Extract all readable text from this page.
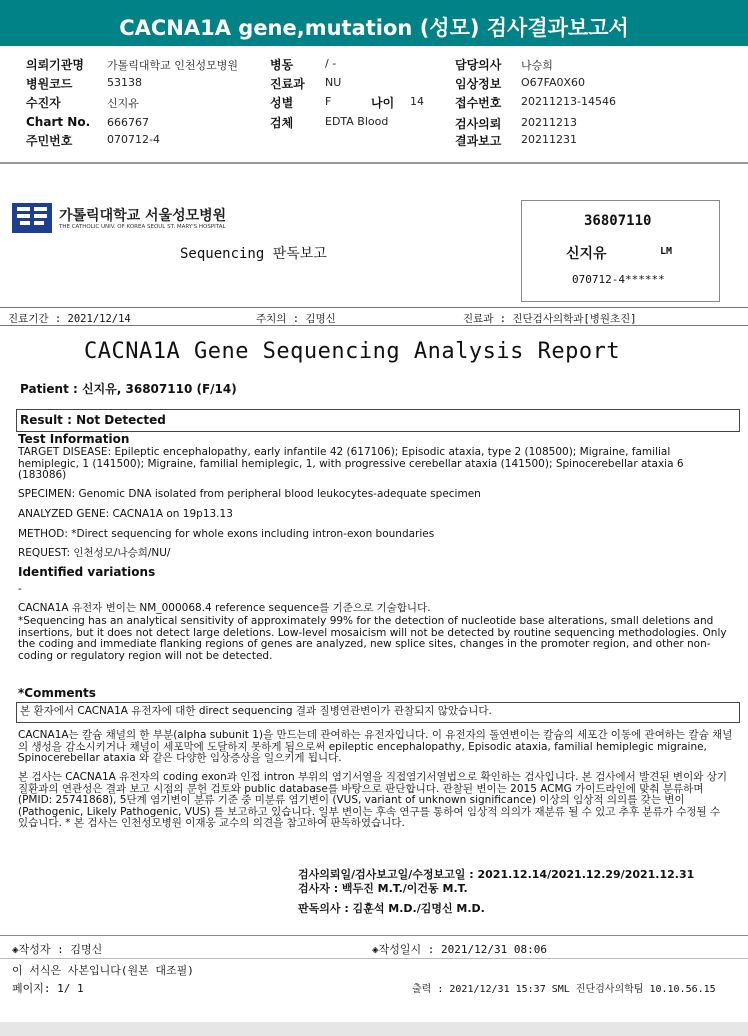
CACNA1A gene,mutation (성모) 검사결과보고서
의뢰기관명 가톨릭대학교 인천성모병원
병원코드	53138
수진자	신지유
Chart No. 666767
주민번호	070712-4
병동	/ -
진료과 NU
성별	F	나이 14
검체	EDTA Blood
담당의사 나승희
임상정보 O67FA0X60
접수번호 20211213-14546
검사의뢰 20211213
결과보고 20211231
가톨릭대학교 서울성모병원
THE CATHOLIC UNIV. OF KOREA SEOUL ST. MARY'S HOSPITAL
Sequencing 판독보고
36807110
신지유	LM
070712-4******
진료기간 : 2021/12/14	주치의 : 김명신	진료과 : 진단검사의학과[병원초진]
CACNA1A Gene Sequencing Analysis Report
Patient : 신지유, 36807110 (F/14)
Result : Not Detected
Test Information
TARGET DISEASE: Epileptic encephalopathy, early infantile 42 (617106); Episodic ataxia, type 2 (108500); Migraine, familial hemiplegic, 1 (141500); Migraine, familial hemiplegic, 1, with progressive cerebellar ataxia (141500); Spinocerebellar ataxia 6 (183086)
SPECIMEN: Genomic DNA isolated from peripheral blood leukocytes-adequate specimen
ANALYZED GENE: CACNA1A on 19p13.13
METHOD: *Direct sequencing for whole exons including intron-exon boundaries
REQUEST: 인천성모/나승희/NU/
Identified variations
-
CACNA1A 유전자 변이는 NM_000068.4 reference sequence를 기준으로 기술합니다.
*Sequencing has an analytical sensitivity of approximately 99% for the detection of nucleotide base alterations, small deletions and insertions, but it does not detect large deletions. Low-level mosaicism will not be detected by routine sequencing methodologies. Only the coding and immediate flanking regions of genes are analyzed, new splice sites, changes in the promoter region, and other non-coding or regulatory region will not be detected.
*Comments
본 환자에서 CACNA1A 유전자에 대한 direct sequencing 결과 질병연관변이가 관찰되지 않았습니다.
CACNA1A는 칼슘 채널의 한 부분(alpha subunit 1)을 만드는데 관여하는 유전자입니다. 이 유전자의 돌연변이는 칼슘의 세포간 이동에 관여하는 칼슘 채널의 생성을 감소시키거나 채널이 세포막에 도달하지 못하게 됨으로써 epileptic encephalopathy, Episodic ataxia, familial hemiplegic migraine, Spinocerebellar ataxia 와 같은 다양한 임상증상을 일으키게 됩니다.
본 검사는 CACNA1A 유전자의 coding exon과 인접 intron 부위의 염기서열을 직접염기서열법으로 확인하는 검사입니다. 본 검사에서 발견된 변이와 상기 질환과의 연관성은 결과 보고 시점의 문헌 검토와 public database를 바탕으로 판단합니다. 관찰된 변이는 2015 ACMG 가이드라인에 맞춰 분류하며 (PMID: 25741868), 5단계 염기변이 분류 기준 중 미분류 염기변이 (VUS, variant of unknown significance) 이상의 임상적 의의를 갖는 변이 (Pathogenic, Likely Pathogenic, VUS) 를 보고하고 있습니다. 일부 변이는 후속 연구를 통하여 임상적 의의가 재분류 될 수 있고 추후 분류가 수정될 수 있습니다. * 본 검사는 인천성모병원 이재웅 교수의 의견을 참고하여 판독하였습니다.
검사의뢰일/검사보고일/수정보고일 : 2021.12.14/2021.12.29/2021.12.31
검사자 : 백두진 M.T./이건동 M.T.
판독의사 : 김훈석 M.D./김명신 M.D.
◈작성자 : 김명신	◈작성일시 : 2021/12/31 08:06
이 서식은 사본입니다(원본 대조필)
페이지: 1/ 1	출력 : 2021/12/31 15:37 SML 진단검사의학팀 10.10.56.15
